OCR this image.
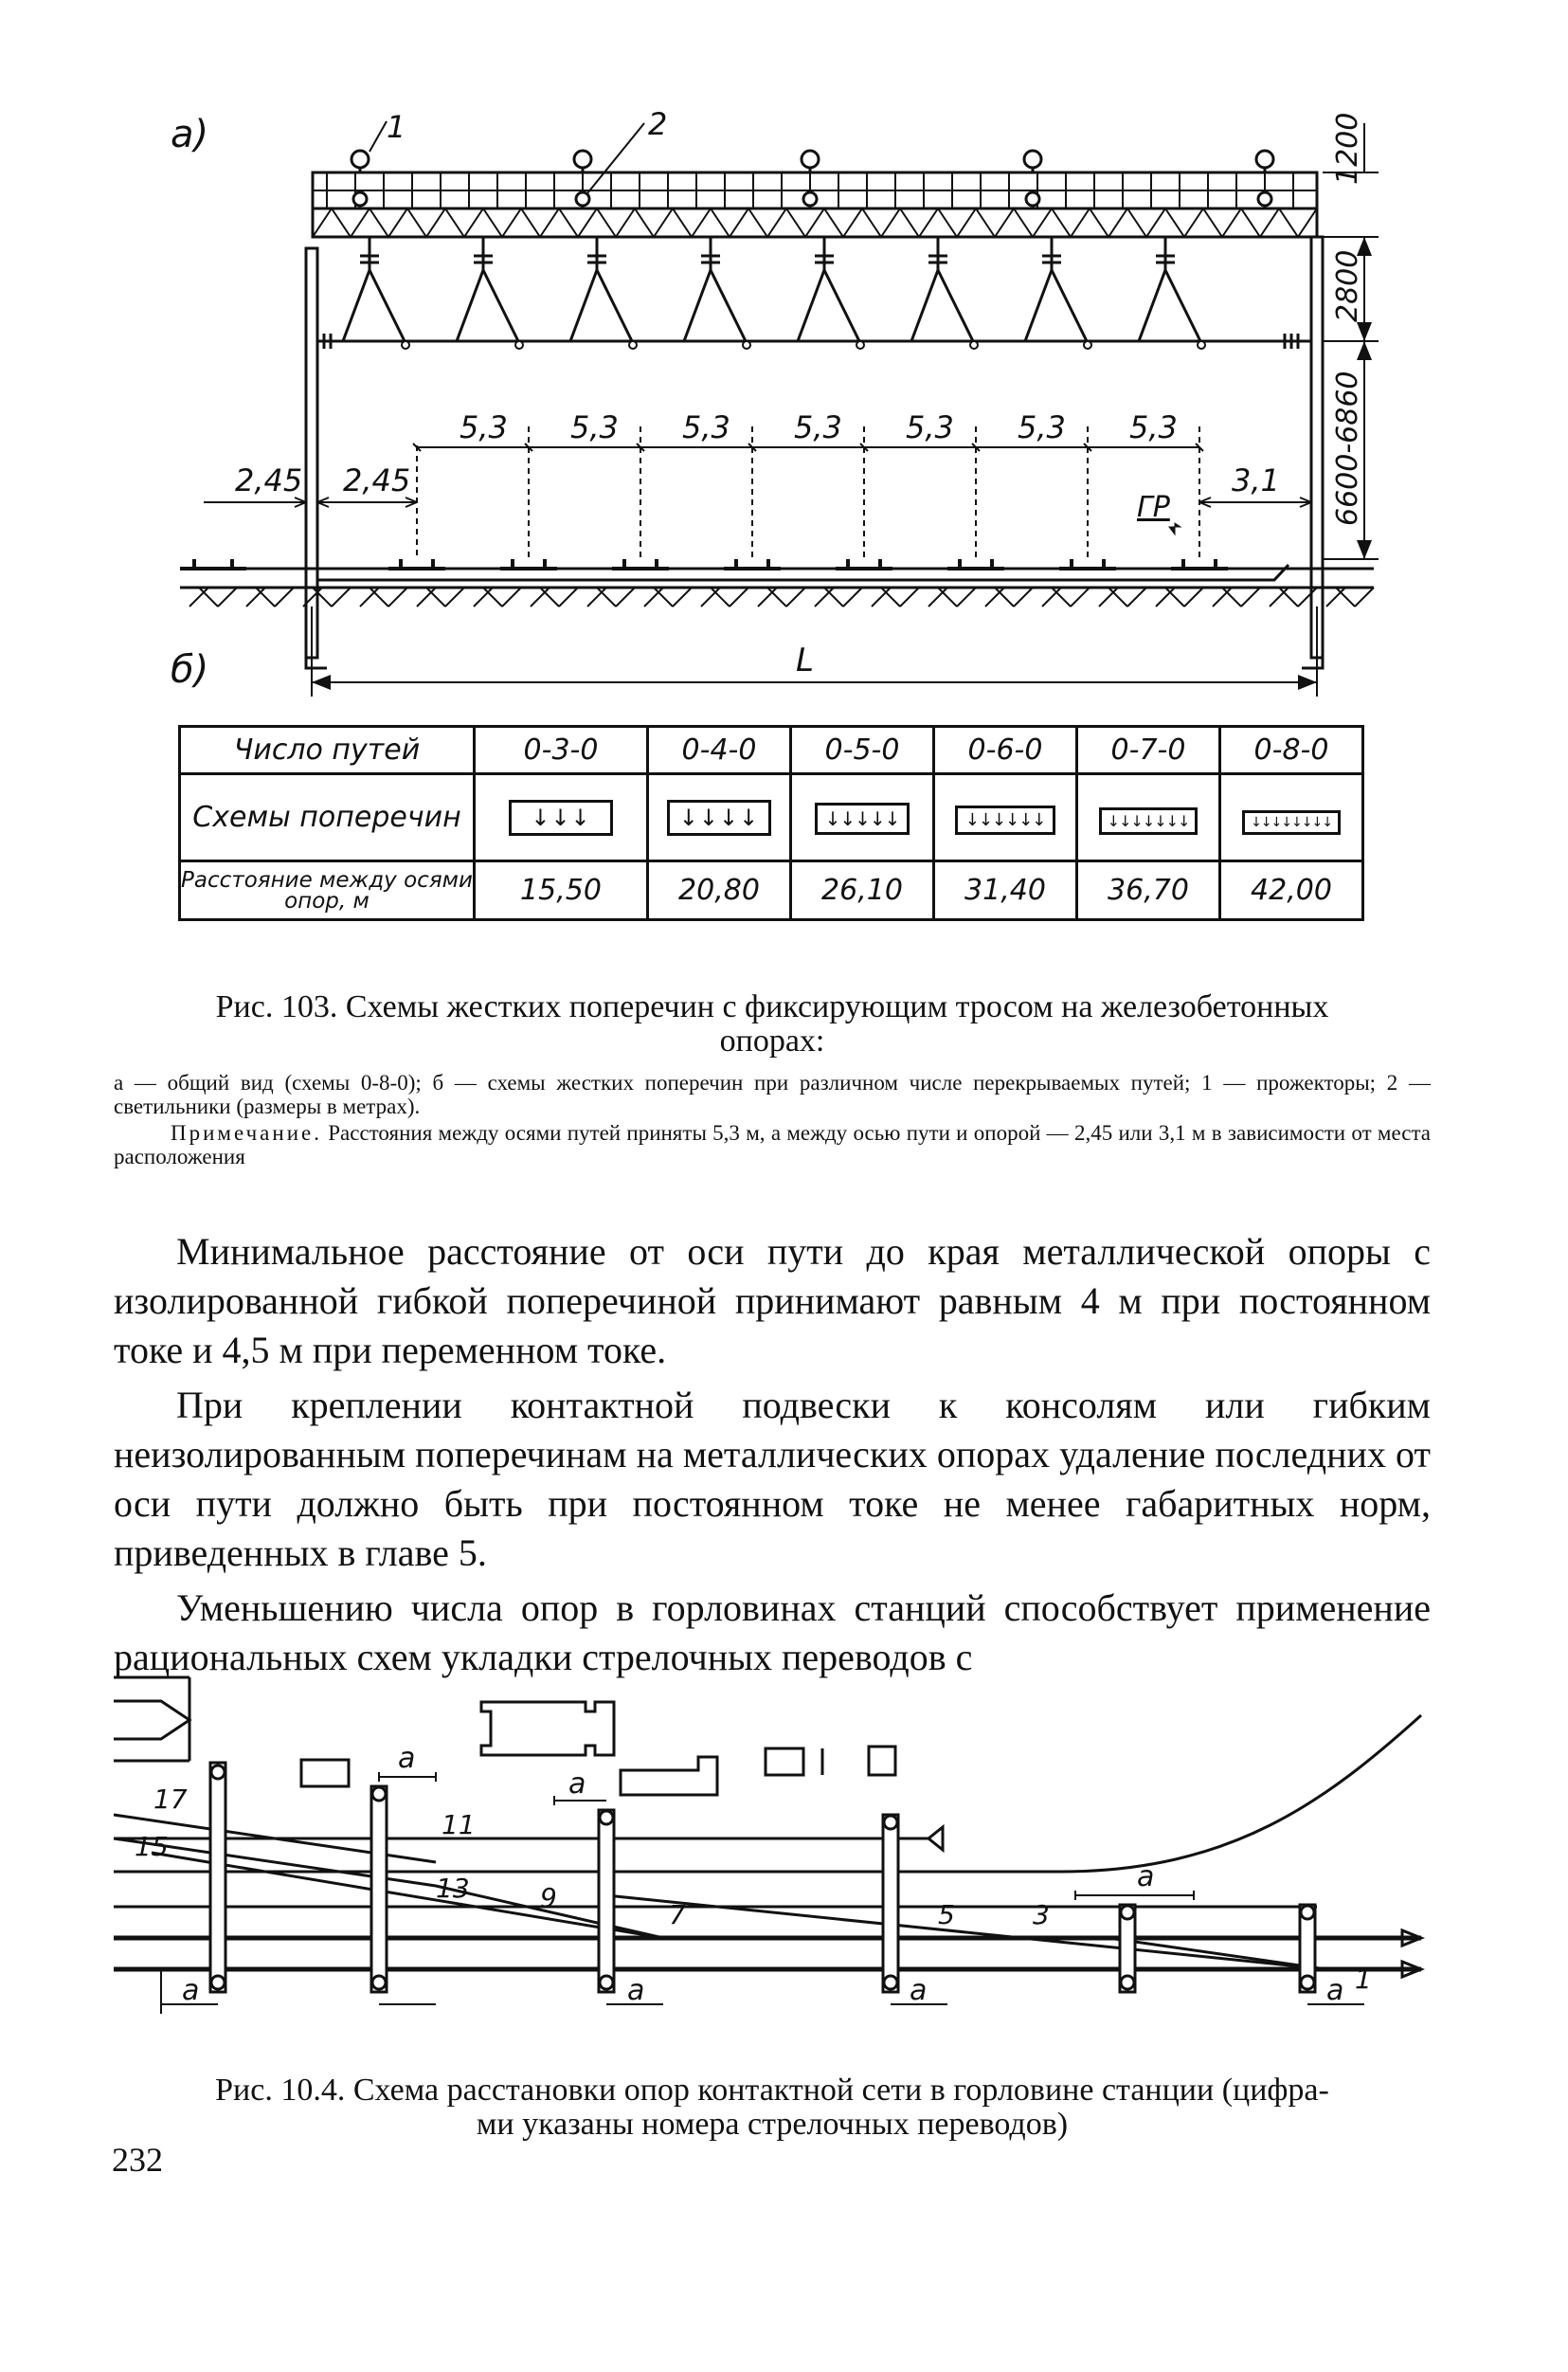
а)	1	2	1200
2800
6600-6860
5,3 5,3 5,3 5,3 5,3 5,3 5,3
2,45 2,45	3,1
ГР
б)	L
Число путей	0-3-0	0-4-0	0-5-0	0-6-0	0-7-0	0-8-0
Схемы поперечин	↓↓↓	↓↓↓↓	↓↓↓↓↓	↓↓↓↓↓↓	↓↓↓↓↓↓↓	↓↓↓↓↓↓↓↓
Расстояние между осями опор, м	15,50	20,80	26,10	31,40	36,70	42,00
Рис. 103. Схемы жестких поперечин с фиксирующим тросом на железобетонных
опорах:
а — общий вид (схемы 0-8-0); б — схемы жестких поперечин при различном числе перекрываемых путей; 1 — прожекторы; 2 — светильники (размеры в метрах).
Примечание. Расстояния между осями путей приняты 5,3 м, а между осью пути и опорой — 2,45 или 3,1 м в зависимости от места расположения

Минимальное расстояние от оси пути до края металлической опоры с изолированной гибкой поперечиной принимают равным 4 м при постоянном токе и 4,5 м при переменном токе.

При креплении контактной подвески к консолям или гибким неизолированным поперечинам на металлических опорах удаление последних от оси пути должно быть при постоянном токе не менее габаритных норм, приведенных в главе 5.

Уменьшению числа опор в горловинах станций способствует применение рациональных схем укладки стрелочных переводов с

a
a
a
a	a	a	a
17
15
11
13	9
7	5	3
1
Рис. 10.4. Схема расстановки опор контактной сети в горловине станции (цифра-
ми указаны номера стрелочных переводов)
232
